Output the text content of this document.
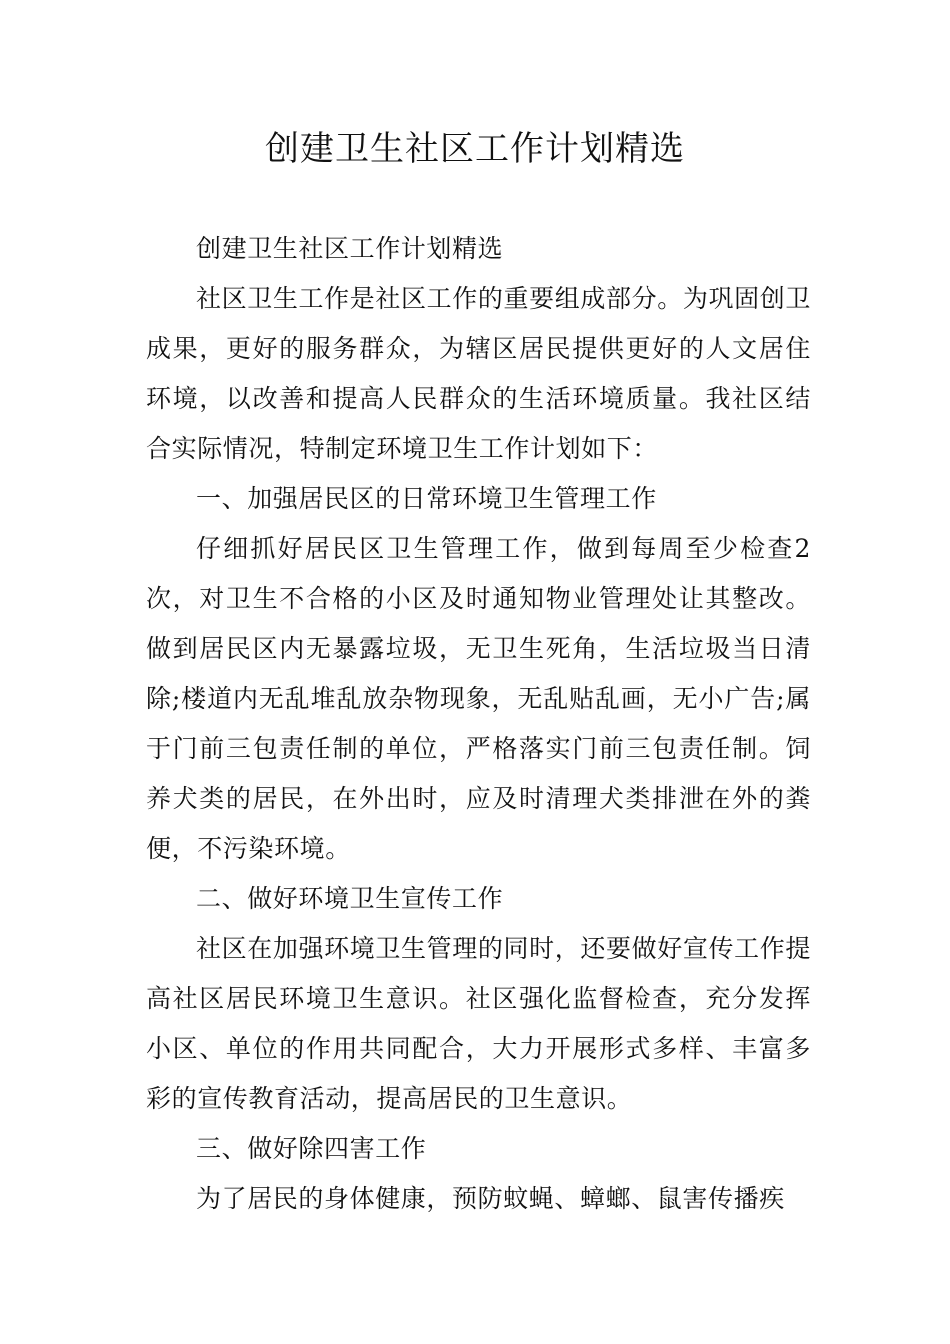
创建卫生社区工作计划精选

创建卫生社区工作计划精选

社区卫生工作是社区工作的重要组成部分。为巩固创卫成果，更好的服务群众，为辖区居民提供更好的人文居住环境，以改善和提高人民群众的生活环境质量。我社区结合实际情况，特制定环境卫生工作计划如下：

一、加强居民区的日常环境卫生管理工作

仔细抓好居民区卫生管理工作，做到每周至少检查2次，对卫生不合格的小区及时通知物业管理处让其整改。做到居民区内无暴露垃圾，无卫生死角，生活垃圾当日清除;楼道内无乱堆乱放杂物现象，无乱贴乱画，无小广告;属于门前三包责任制的单位，严格落实门前三包责任制。饲养犬类的居民，在外出时，应及时清理犬类排泄在外的粪便，不污染环境。

二、做好环境卫生宣传工作

社区在加强环境卫生管理的同时，还要做好宣传工作提高社区居民环境卫生意识。社区强化监督检查，充分发挥小区、单位的作用共同配合，大力开展形式多样、丰富多彩的宣传教育活动，提高居民的卫生意识。

三、做好除四害工作

为了居民的身体健康，预防蚊蝇、蟑螂、鼠害传播疾
